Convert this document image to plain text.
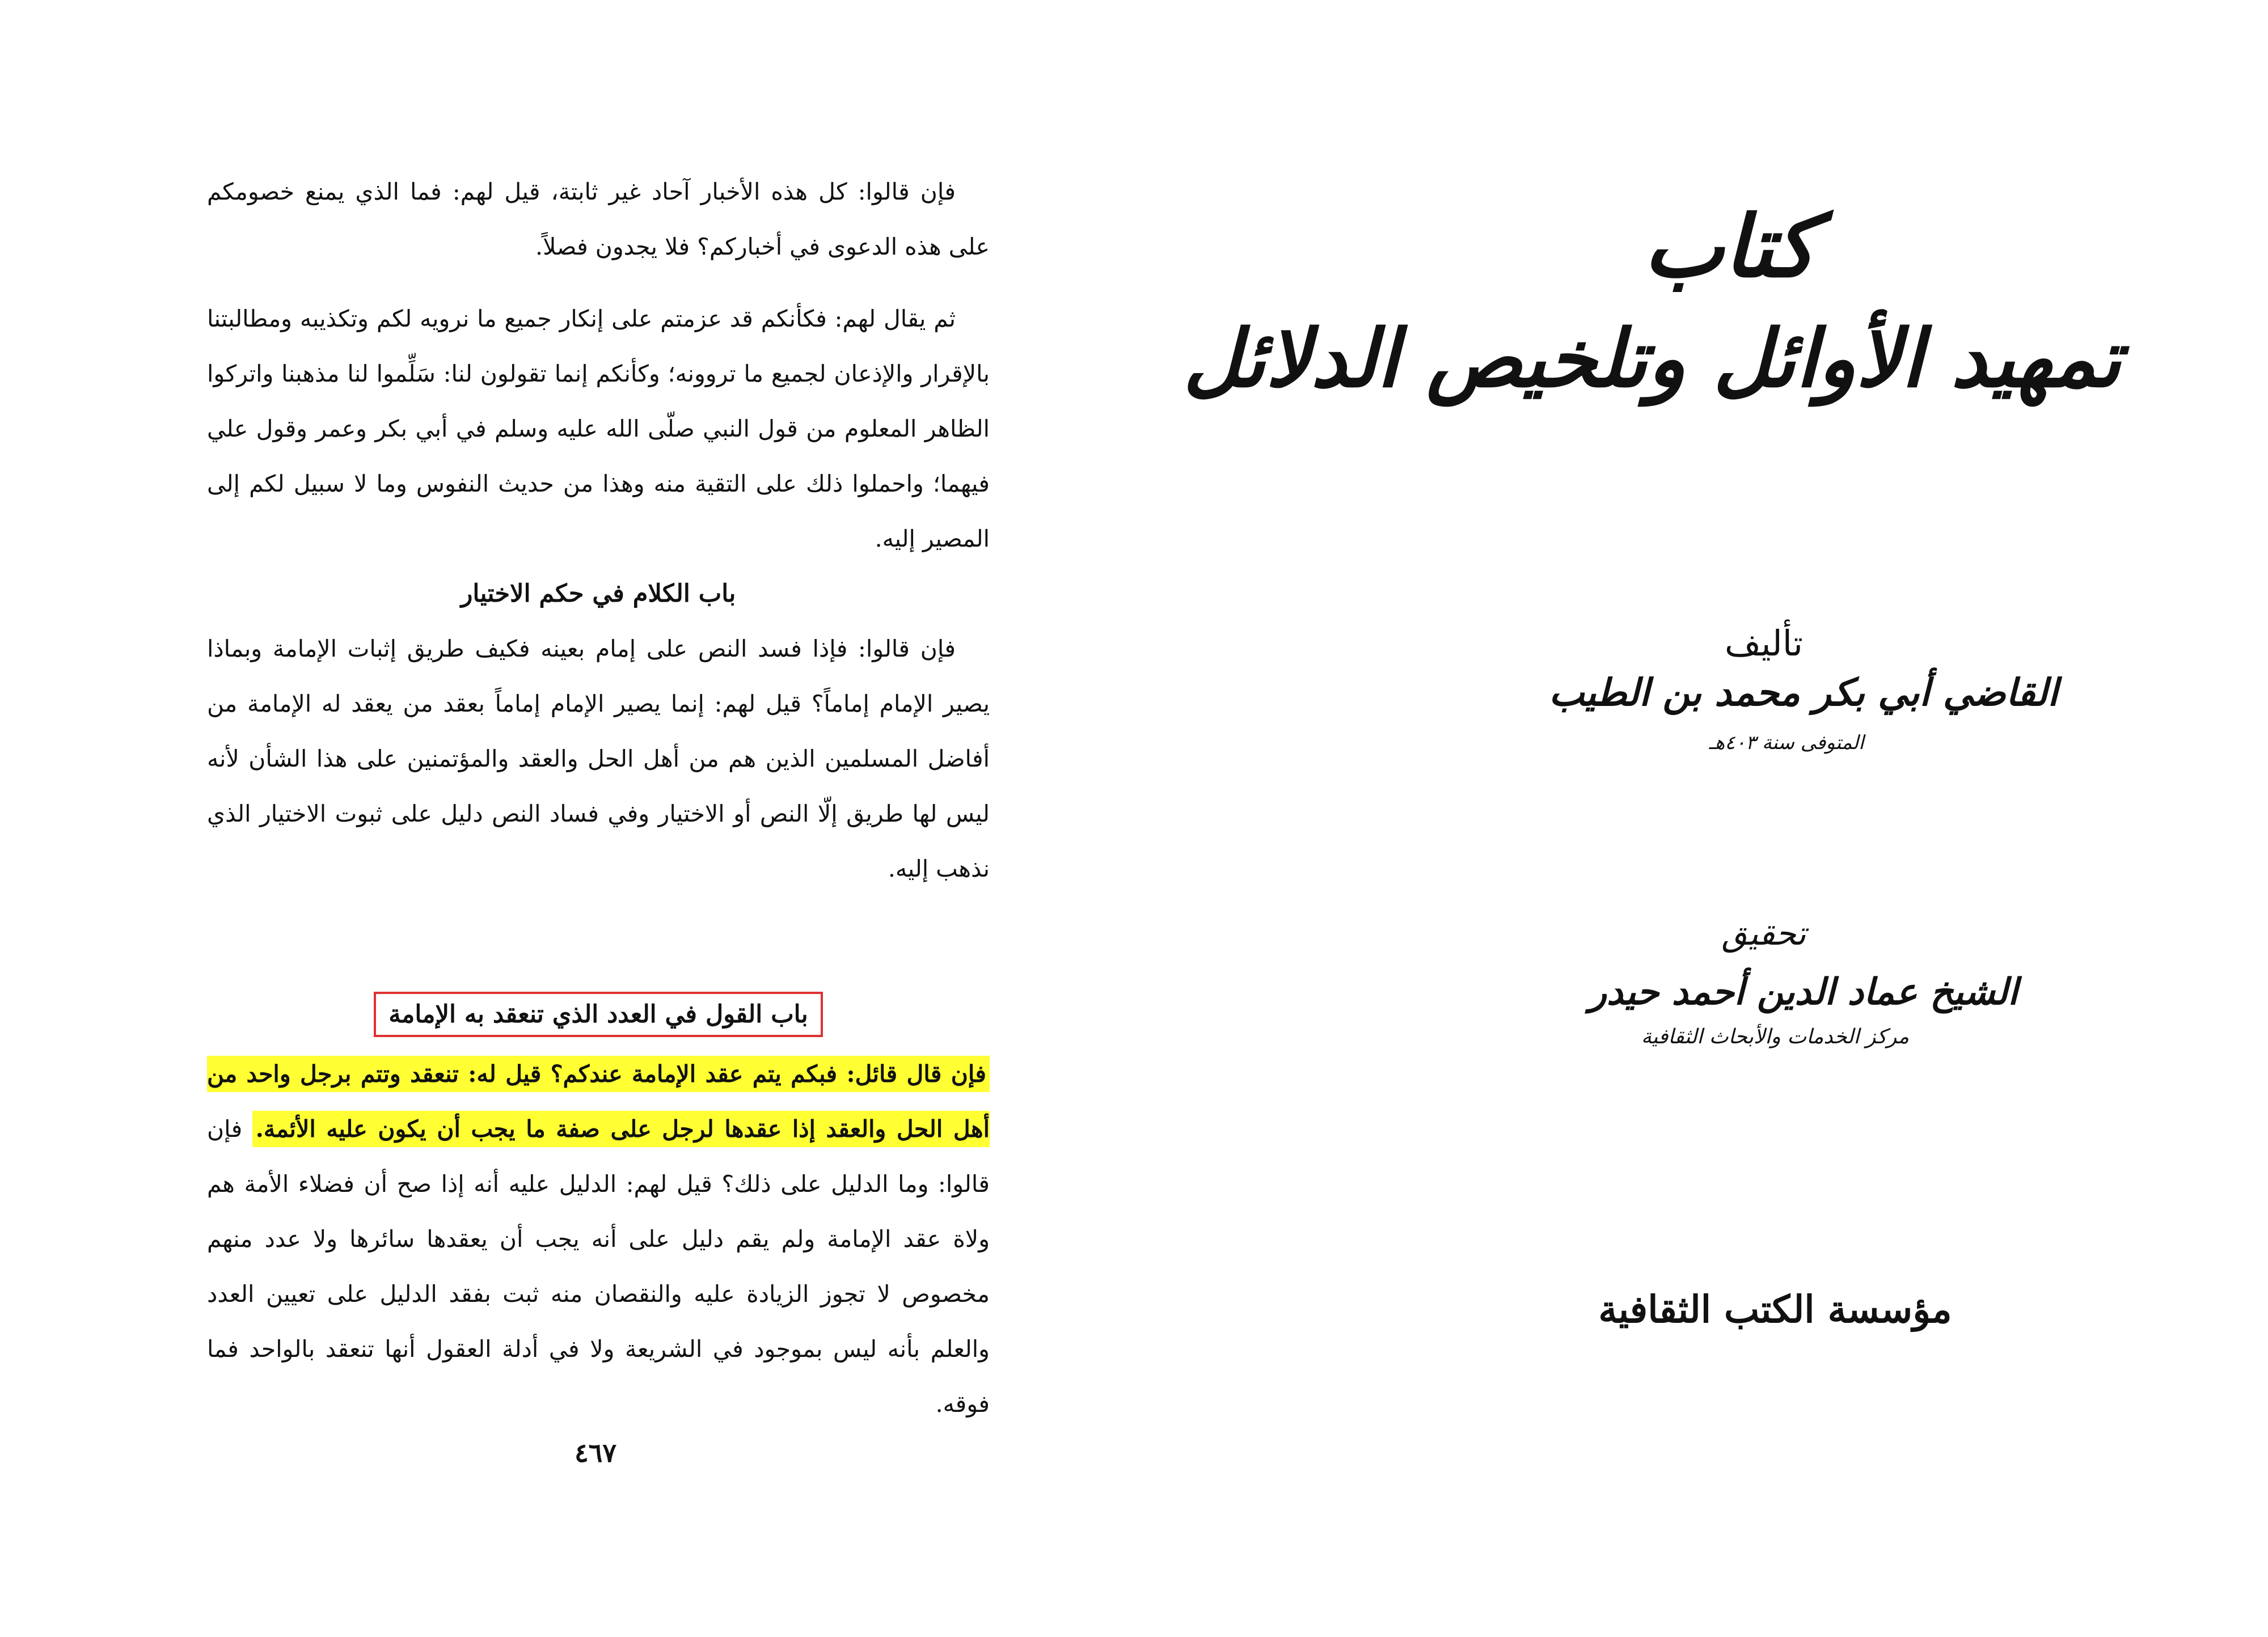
فإن قالوا: كل هذه الأخبار آحاد غير ثابتة، قيل لهم: فما الذي يمنع خصومكم على هذه الدعوى في أخباركم؟ فلا يجدون فصلاً.

ثم يقال لهم: فكأنكم قد عزمتم على إنكار جميع ما نرويه لكم وتكذيبه ومطالبتنا بالإقرار والإذعان لجميع ما تروونه؛ وكأنكم إنما تقولون لنا: سَلِّموا لنا مذهبنا واتركوا الظاهر المعلوم من قول النبي صلّى الله عليه وسلم في أبي بكر وعمر وقول علي فيهما؛ واحملوا ذلك على التقية منه وهذا من حديث النفوس وما لا سبيل لكم إلى المصير إليه.

باب الكلام في حكم الاختيار

فإن قالوا: فإذا فسد النص على إمام بعينه فكيف طريق إثبات الإمامة وبماذا يصير الإمام إماماً؟ قيل لهم: إنما يصير الإمام إماماً بعقد من يعقد له الإمامة من أفاضل المسلمين الذين هم من أهل الحل والعقد والمؤتمنين على هذا الشأن لأنه ليس لها طريق إلّا النص أو الاختيار وفي فساد النص دليل على ثبوت الاختيار الذي نذهب إليه.

باب القول في العدد الذي تنعقد به الإمامة

فإن قال قائل: فبكم يتم عقد الإمامة عندكم؟ قيل له: تنعقد وتتم برجل واحد من أهل الحل والعقد إذا عقدها لرجل على صفة ما يجب أن يكون عليه الأئمة. فإن قالوا: وما الدليل على ذلك؟ قيل لهم: الدليل عليه أنه إذا صح أن فضلاء الأمة هم ولاة عقد الإمامة ولم يقم دليل على أنه يجب أن يعقدها سائرها ولا عدد منهم مخصوص لا تجوز الزيادة عليه والنقصان منه ثبت بفقد الدليل على تعيين العدد والعلم بأنه ليس بموجود في الشريعة ولا في أدلة العقول أنها تنعقد بالواحد فما فوقه.

٤٦٧
كتاب
تمهيد الأوائل وتلخيص الدلائل
تأليف
القاضي أبي بكر محمد بن الطيب
المتوفى سنة ٤٠٣هـ
تحقيق
الشيخ عماد الدين أحمد حيدر
مركز الخدمات والأبحاث الثقافية
مؤسسة الكتب الثقافية
